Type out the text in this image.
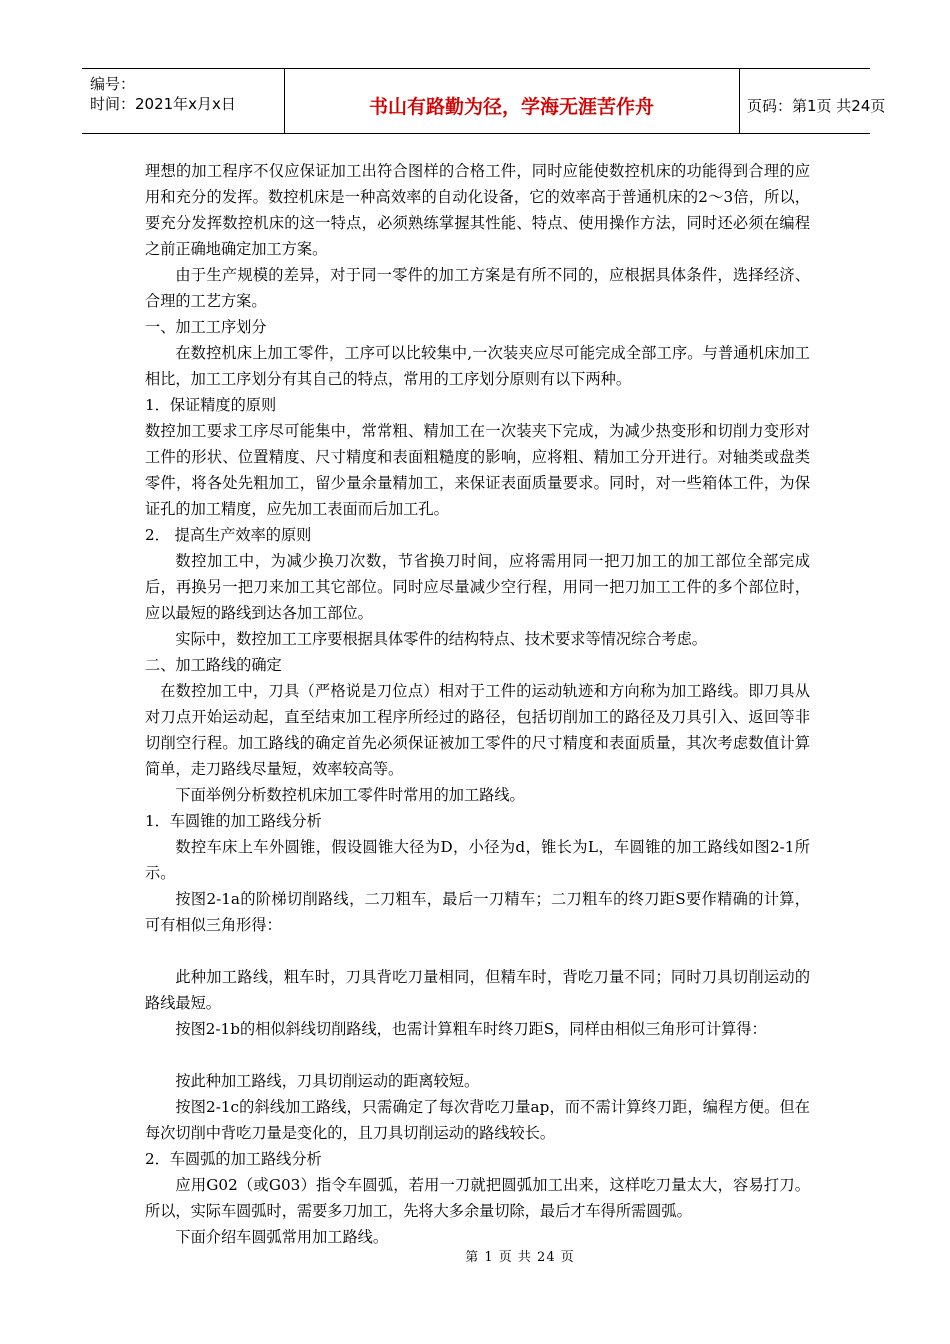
编号：
时间：2021年x月x日	书山有路勤为径，学海无涯苦作舟	页码：第1页 共24页

理想的加工程序不仅应保证加工出符合图样的合格工件，同时应能使数控机床的功能得到合理的应用和充分的发挥。数控机床是一种高效率的自动化设备，它的效率高于普通机床的2～3倍，所以，要充分发挥数控机床的这一特点，必须熟练掌握其性能、特点、使用操作方法，同时还必须在编程之前正确地确定加工方案。

由于生产规模的差异，对于同一零件的加工方案是有所不同的，应根据具体条件，选择经济、合理的工艺方案。

一、加工工序划分

在数控机床上加工零件，工序可以比较集中,一次装夹应尽可能完成全部工序。与普通机床加工相比，加工工序划分有其自己的特点，常用的工序划分原则有以下两种。

1．保证精度的原则

数控加工要求工序尽可能集中，常常粗、精加工在一次装夹下完成，为减少热变形和切削力变形对工件的形状、位置精度、尺寸精度和表面粗糙度的影响，应将粗、精加工分开进行。对轴类或盘类零件，将各处先粗加工，留少量余量精加工，来保证表面质量要求。同时，对一些箱体工件，为保证孔的加工精度，应先加工表面而后加工孔。

2． 提高生产效率的原则

数控加工中，为减少换刀次数，节省换刀时间，应将需用同一把刀加工的加工部位全部完成后，再换另一把刀来加工其它部位。同时应尽量减少空行程，用同一把刀加工工件的多个部位时，应以最短的路线到达各加工部位。

实际中，数控加工工序要根据具体零件的结构特点、技术要求等情况综合考虑。

二、加工路线的确定

在数控加工中，刀具（严格说是刀位点）相对于工件的运动轨迹和方向称为加工路线。即刀具从对刀点开始运动起，直至结束加工程序所经过的路径，包括切削加工的路径及刀具引入、返回等非切削空行程。加工路线的确定首先必须保证被加工零件的尺寸精度和表面质量，其次考虑数值计算简单，走刀路线尽量短，效率较高等。

下面举例分析数控机床加工零件时常用的加工路线。

1．车圆锥的加工路线分析

数控车床上车外圆锥，假设圆锥大径为D，小径为d，锥长为L，车圆锥的加工路线如图2-1所示。

按图2-1a的阶梯切削路线，二刀粗车，最后一刀精车；二刀粗车的终刀距S要作精确的计算，可有相似三角形得：

此种加工路线，粗车时，刀具背吃刀量相同，但精车时，背吃刀量不同；同时刀具切削运动的路线最短。

按图2-1b的相似斜线切削路线，也需计算粗车时终刀距S，同样由相似三角形可计算得：

按此种加工路线，刀具切削运动的距离较短。

按图2-1c的斜线加工路线，只需确定了每次背吃刀量ap，而不需计算终刀距，编程方便。但在每次切削中背吃刀量是变化的，且刀具切削运动的路线较长。

2．车圆弧的加工路线分析

应用G02（或G03）指令车圆弧，若用一刀就把圆弧加工出来，这样吃刀量太大，容易打刀。所以，实际车圆弧时，需要多刀加工，先将大多余量切除，最后才车得所需圆弧。

下面介绍车圆弧常用加工路线。

第 1 页 共 24 页
